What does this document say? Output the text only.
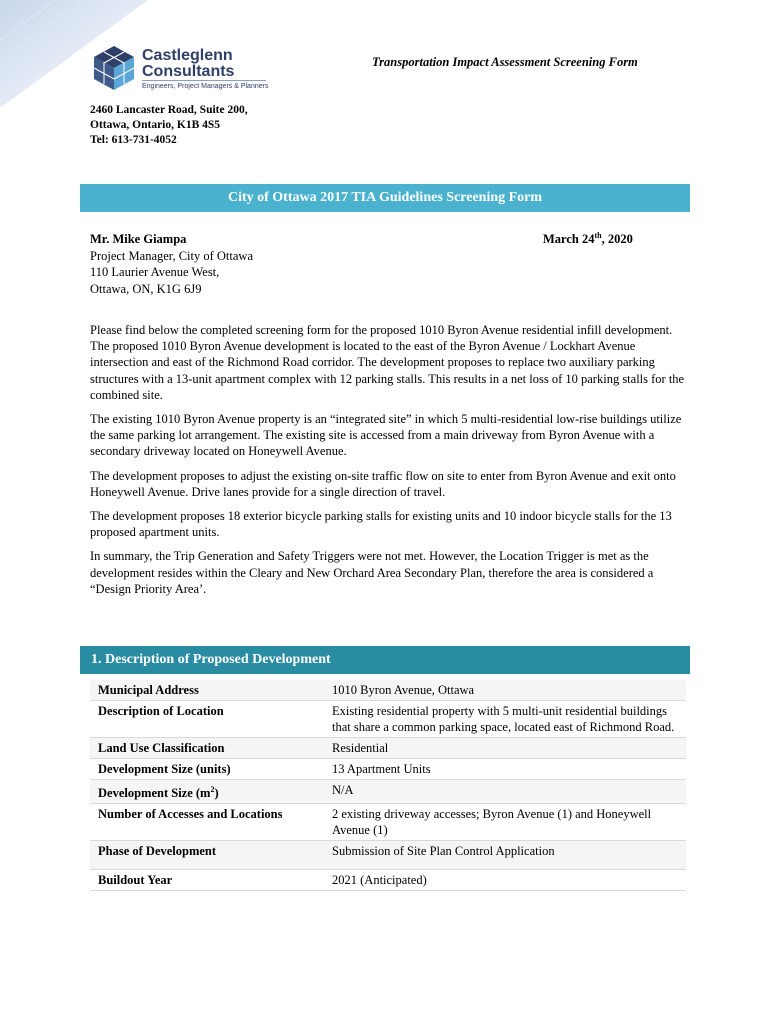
Castleglenn
Consultants
Engineers, Project Managers & Planners
Transportation Impact Assessment Screening Form
2460 Lancaster Road, Suite 200,
Ottawa, Ontario, K1B 4S5
Tel: 613-731-4052
City of Ottawa 2017 TIA Guidelines Screening Form
Mr. Mike Giampa
Project Manager, City of Ottawa
110 Laurier Avenue West,
Ottawa, ON, K1G 6J9
March 24th, 2020

Please find below the completed screening form for the proposed 1010 Byron Avenue residential infill development. The proposed 1010 Byron Avenue development is located to the east of the Byron Avenue / Lockhart Avenue intersection and east of the Richmond Road corridor. The development proposes to replace two auxiliary parking structures with a 13-unit apartment complex with 12 parking stalls. This results in a net loss of 10 parking stalls for the combined site.

The existing 1010 Byron Avenue property is an “integrated site” in which 5 multi-residential low-rise buildings utilize the same parking lot arrangement. The existing site is accessed from a main driveway from Byron Avenue with a secondary driveway located on Honeywell Avenue.

The development proposes to adjust the existing on-site traffic flow on site to enter from Byron Avenue and exit onto Honeywell Avenue. Drive lanes provide for a single direction of travel.

The development proposes 18 exterior bicycle parking stalls for existing units and 10 indoor bicycle stalls for the 13 proposed apartment units.

In summary, the Trip Generation and Safety Triggers were not met. However, the Location Trigger is met as the development resides within the Cleary and New Orchard Area Secondary Plan, therefore the area is considered a “Design Priority Area’.

1. Description of Proposed Development
Municipal Address	1010 Byron Avenue, Ottawa
Description of Location	Existing residential property with 5 multi-unit residential buildings that share a common parking space, located east of Richmond Road.
Land Use Classification	Residential
Development Size (units)	13 Apartment Units
Development Size $(m^2)$	N/A
Number of Accesses and Locations	2 existing driveway accesses; Byron Avenue (1) and Honeywell Avenue (1)
Phase of Development	Submission of Site Plan Control Application
Buildout Year	2021 (Anticipated)
